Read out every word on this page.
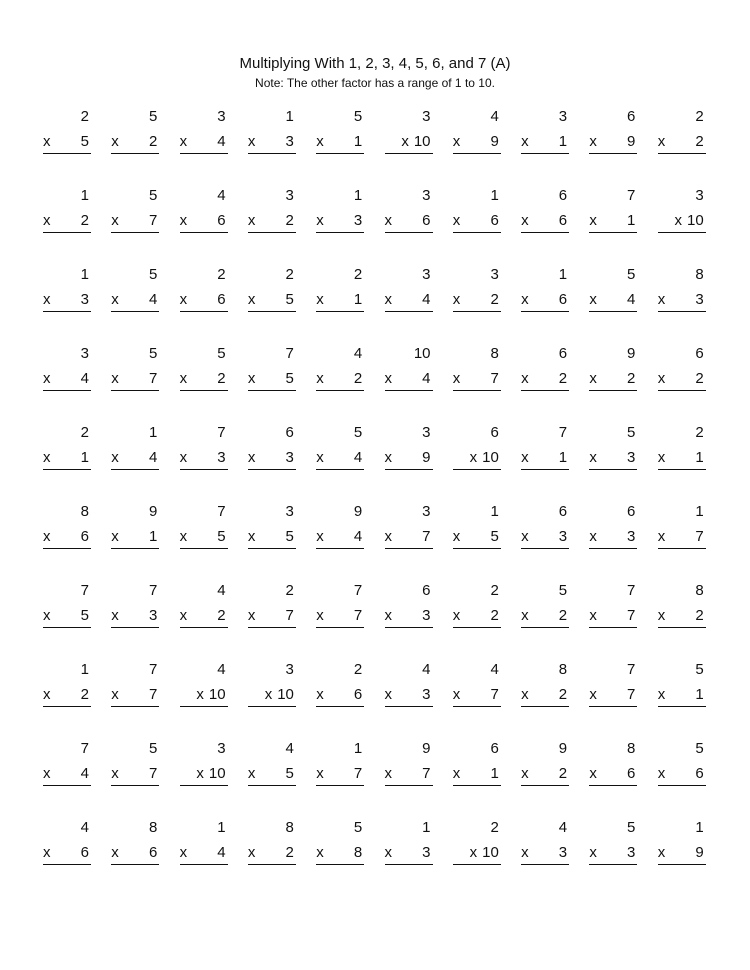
Multiplying With 1, 2, 3, 4, 5, 6, and 7 (A)
Note: The other factor has a range of 1 to 10.
2
x 5
5
x 2
3
x 4
1
x 3
5
x 1
3
x 10
4
x 9
3
x 1
6
x 9
2
x 2
1
x 2
5
x 7
4
x 6
3
x 2
1
x 3
3
x 6
1
x 6
6
x 6
7
x 1
3
x 10
1
x 3
5
x 4
2
x 6
2
x 5
2
x 1
3
x 4
3
x 2
1
x 6
5
x 4
8
x 3
3
x 4
5
x 7
5
x 2
7
x 5
4
x 2
10
x 4
8
x 7
6
x 2
9
x 2
6
x 2
2
x 1
1
x 4
7
x 3
6
x 3
5
x 4
3
x 9
6
x 10
7
x 1
5
x 3
2
x 1
8
x 6
9
x 1
7
x 5
3
x 5
9
x 4
3
x 7
1
x 5
6
x 3
6
x 3
1
x 7
7
x 5
7
x 3
4
x 2
2
x 7
7
x 7
6
x 3
2
x 2
5
x 2
7
x 7
8
x 2
1
x 2
7
x 7
4
x 10
3
x 10
2
x 6
4
x 3
4
x 7
8
x 2
7
x 7
5
x 1
7
x 4
5
x 7
3
x 10
4
x 5
1
x 7
9
x 7
6
x 1
9
x 2
8
x 6
5
x 6
4
x 6
8
x 6
1
x 4
8
x 2
5
x 8
1
x 3
2
x 10
4
x 3
5
x 3
1
x 9
